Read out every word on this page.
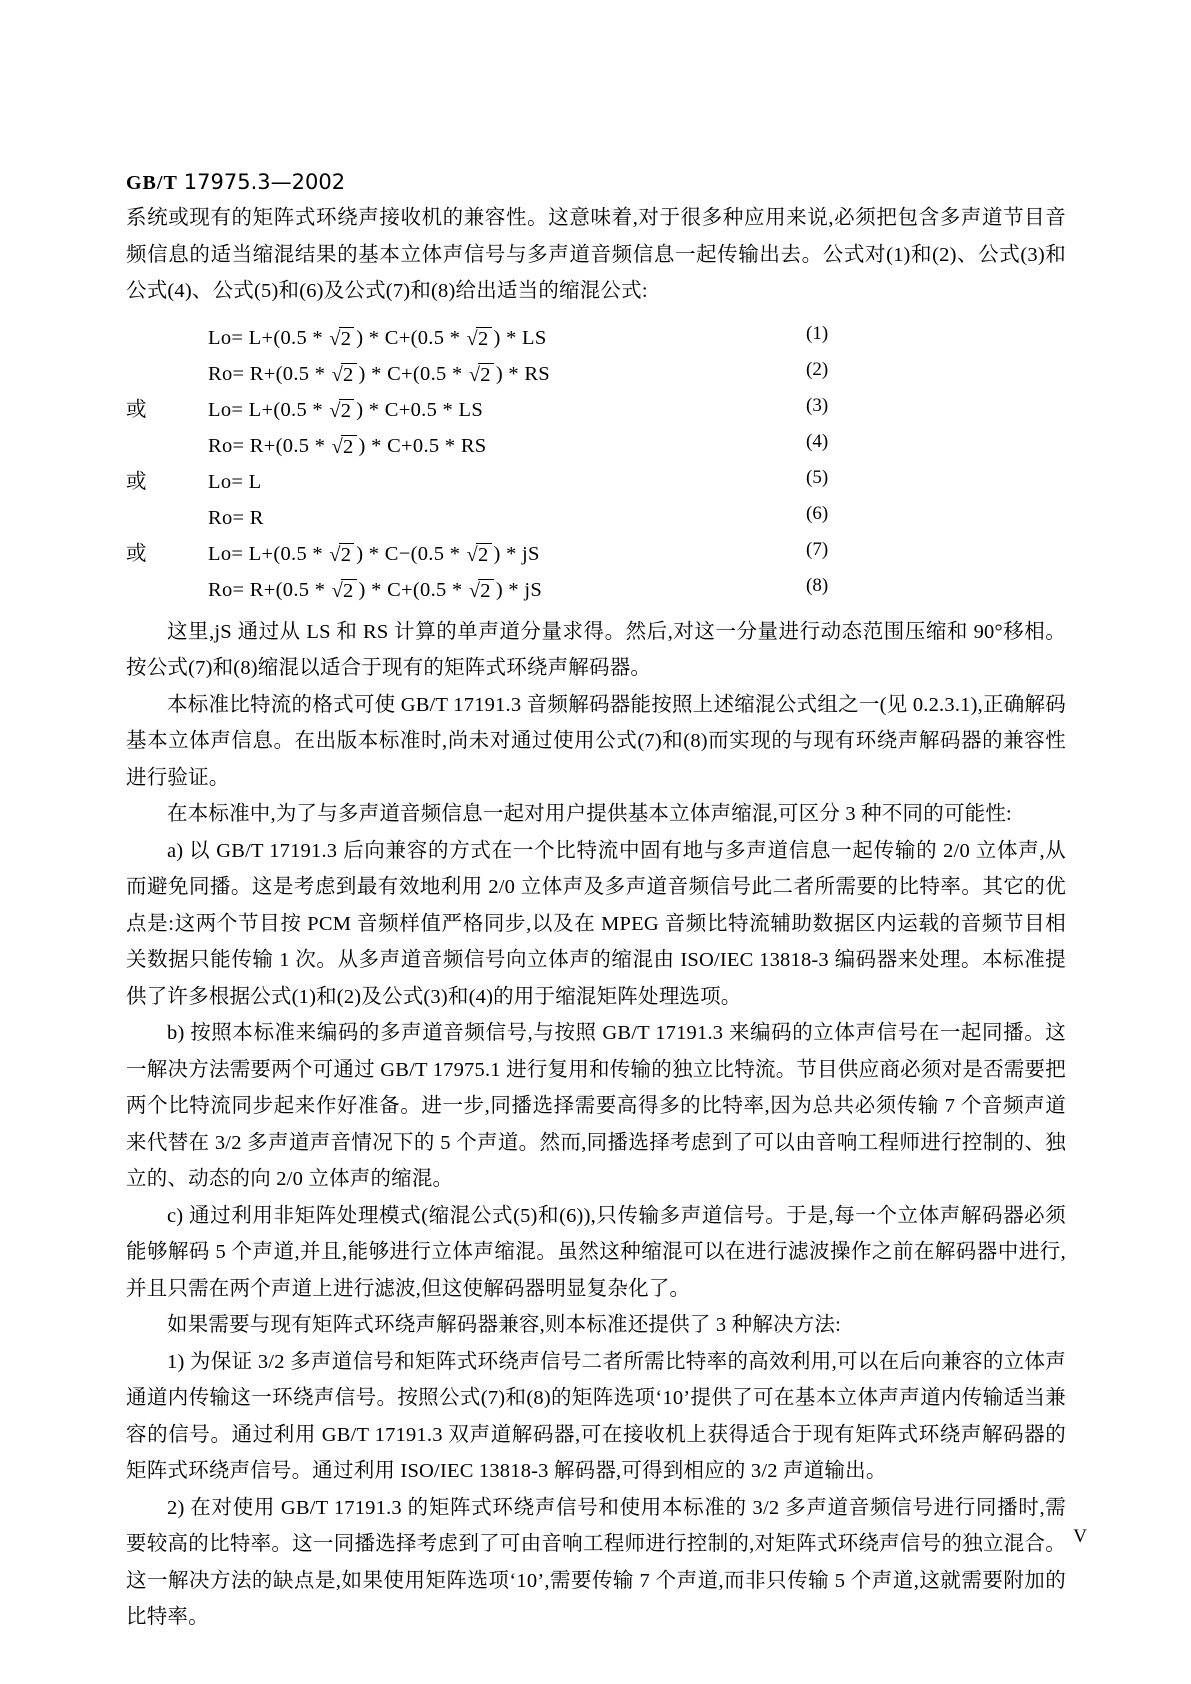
GB/T 17975.3—2002

系统或现有的矩阵式环绕声接收机的兼容性。这意味着,对于很多种应用来说,必须把包含多声道节目音频信息的适当缩混结果的基本立体声信号与多声道音频信息一起传输出去。公式对(1)和(2)、公式(3)和公式(4)、公式(5)和(6)及公式(7)和(8)给出适当的缩混公式:

Lo= L+(0.5 * √2 ) * C+(0.5 * √2 ) * LS	(1)
Ro= R+(0.5 * √2 ) * C+(0.5 * √2 ) * RS	(2)
或	Lo= L+(0.5 * √2 ) * C+0.5 * LS	(3)
Ro= R+(0.5 * √2 ) * C+0.5 * RS	(4)
或	Lo= L	(5)
Ro= R	(6)
或	Lo= L+(0.5 * √2 ) * C−(0.5 * √2 ) * jS	(7)
Ro= R+(0.5 * √2 ) * C+(0.5 * √2 ) * jS	(8)

这里,jS 通过从 LS 和 RS 计算的单声道分量求得。然后,对这一分量进行动态范围压缩和 90°移相。按公式(7)和(8)缩混以适合于现有的矩阵式环绕声解码器。

本标准比特流的格式可使 GB/T 17191.3 音频解码器能按照上述缩混公式组之一(见 0.2.3.1),正确解码基本立体声信息。在出版本标准时,尚未对通过使用公式(7)和(8)而实现的与现有环绕声解码器的兼容性进行验证。

在本标准中,为了与多声道音频信息一起对用户提供基本立体声缩混,可区分 3 种不同的可能性:

a) 以 GB/T 17191.3 后向兼容的方式在一个比特流中固有地与多声道信息一起传输的 2/0 立体声,从而避免同播。这是考虑到最有效地利用 2/0 立体声及多声道音频信号此二者所需要的比特率。其它的优点是:这两个节目按 PCM 音频样值严格同步,以及在 MPEG 音频比特流辅助数据区内运载的音频节目相关数据只能传输 1 次。从多声道音频信号向立体声的缩混由 ISO/IEC 13818-3 编码器来处理。本标准提供了许多根据公式(1)和(2)及公式(3)和(4)的用于缩混矩阵处理选项。

b) 按照本标准来编码的多声道音频信号,与按照 GB/T 17191.3 来编码的立体声信号在一起同播。这一解决方法需要两个可通过 GB/T 17975.1 进行复用和传输的独立比特流。节目供应商必须对是否需要把两个比特流同步起来作好准备。进一步,同播选择需要高得多的比特率,因为总共必须传输 7 个音频声道来代替在 3/2 多声道声音情况下的 5 个声道。然而,同播选择考虑到了可以由音响工程师进行控制的、独立的、动态的向 2/0 立体声的缩混。

c) 通过利用非矩阵处理模式(缩混公式(5)和(6)),只传输多声道信号。于是,每一个立体声解码器必须能够解码 5 个声道,并且,能够进行立体声缩混。虽然这种缩混可以在进行滤波操作之前在解码器中进行,并且只需在两个声道上进行滤波,但这使解码器明显复杂化了。

如果需要与现有矩阵式环绕声解码器兼容,则本标准还提供了 3 种解决方法:

1) 为保证 3/2 多声道信号和矩阵式环绕声信号二者所需比特率的高效利用,可以在后向兼容的立体声通道内传输这一环绕声信号。按照公式(7)和(8)的矩阵选项‘10’提供了可在基本立体声声道内传输适当兼容的信号。通过利用 GB/T 17191.3 双声道解码器,可在接收机上获得适合于现有矩阵式环绕声解码器的矩阵式环绕声信号。通过利用 ISO/IEC 13818-3 解码器,可得到相应的 3/2 声道输出。

2) 在对使用 GB/T 17191.3 的矩阵式环绕声信号和使用本标准的 3/2 多声道音频信号进行同播时,需要较高的比特率。这一同播选择考虑到了可由音响工程师进行控制的,对矩阵式环绕声信号的独立混合。这一解决方法的缺点是,如果使用矩阵选项‘10’,需要传输 7 个声道,而非只传输 5 个声道,这就需要附加的比特率。

V
